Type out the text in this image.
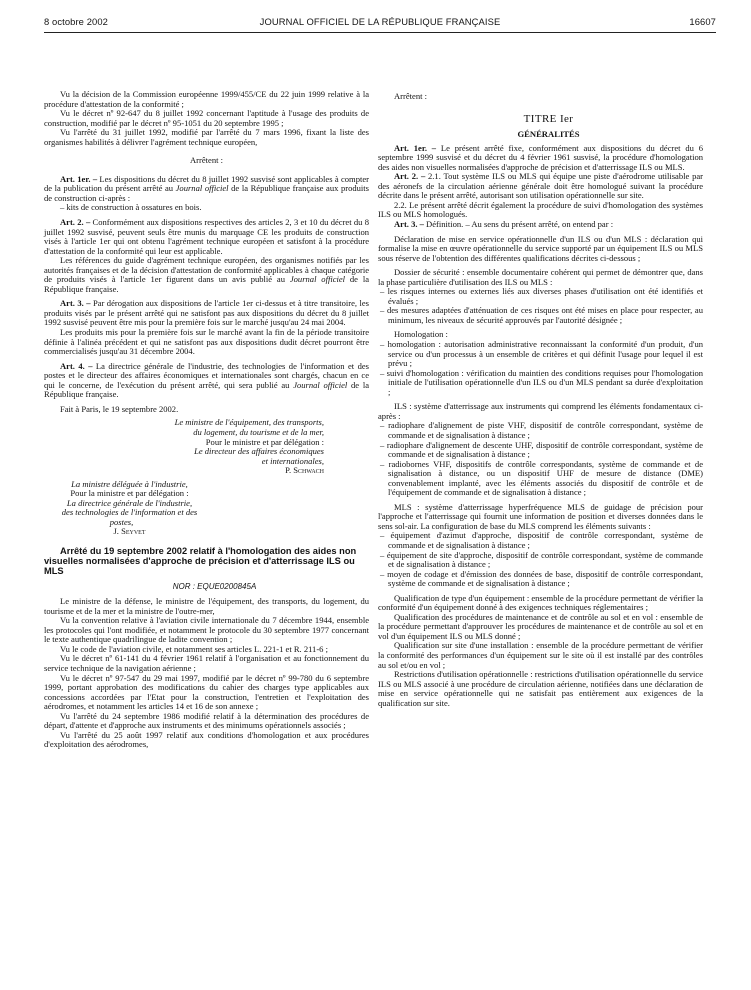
8 octobre 2002	JOURNAL OFFICIEL DE LA RÉPUBLIQUE FRANÇAISE	16607

Vu la décision de la Commission européenne 1999/455/CE du 22 juin 1999 relative à la procédure d'attestation de la conformité ;

Vu le décret nº 92-647 du 8 juillet 1992 concernant l'aptitude à l'usage des produits de construction, modifié par le décret nº 95-1051 du 20 septembre 1995 ;

Vu l'arrêté du 31 juillet 1992, modifié par l'arrêté du 7 mars 1996, fixant la liste des organismes habilités à délivrer l'agrément technique européen,

Arrêtent :

Art. 1er. – Les dispositions du décret du 8 juillet 1992 susvisé sont applicables à compter de la publication du présent arrêté au Journal officiel de la République française aux produits de construction ci-après :

– kits de construction à ossatures en bois.

Art. 2. – Conformément aux dispositions respectives des articles 2, 3 et 10 du décret du 8 juillet 1992 susvisé, peuvent seuls être munis du marquage CE les produits de construction visés à l'article 1er qui ont obtenu l'agrément technique européen et satisfont à la procédure d'attestation de la conformité qui leur est applicable.

Les références du guide d'agrément technique européen, des organismes notifiés par les autorités françaises et de la décision d'attestation de conformité applicables à chaque catégorie de produits visés à l'article 1er figurent dans un avis publié au Journal officiel de la République française.

Art. 3. – Par dérogation aux dispositions de l'article 1er ci-dessus et à titre transitoire, les produits visés par le présent arrêté qui ne satisfont pas aux dispositions du décret du 8 juillet 1992 susvisé peuvent être mis pour la première fois sur le marché jusqu'au 24 mai 2004.

Les produits mis pour la première fois sur le marché avant la fin de la période transitoire définie à l'alinéa précédent et qui ne satisfont pas aux dispositions dudit décret pourront être commercialisés jusqu'au 31 décembre 2004.

Art. 4. – La directrice générale de l'industrie, des technologies de l'information et des postes et le directeur des affaires économiques et internationales sont chargés, chacun en ce qui le concerne, de l'exécution du présent arrêté, qui sera publié au Journal officiel de la République française.

Fait à Paris, le 19 septembre 2002.

Le ministre de l'équipement, des transports,

du logement, du tourisme et de la mer,

Pour le ministre et par délégation :

Le directeur des affaires économiques

et internationales,

P. Schwach

La ministre déléguée à l'industrie,

Pour la ministre et par délégation :

La directrice générale de l'industrie,

des technologies de l'information et des postes,

J. Seyvet

Arrêté du 19 septembre 2002 relatif à l'homologation des aides non visuelles normalisées d'approche de précision et d'atterrissage ILS ou MLS

NOR : EQUE0200845A

Le ministre de la défense, le ministre de l'équipement, des transports, du logement, du tourisme et de la mer et la ministre de l'outre-mer,

Vu la convention relative à l'aviation civile internationale du 7 décembre 1944, ensemble les protocoles qui l'ont modifiée, et notamment le protocole du 30 septembre 1977 concernant le texte authentique quadrilingue de ladite convention ;

Vu le code de l'aviation civile, et notamment ses articles L. 221-1 et R. 211-6 ;

Vu le décret nº 61-141 du 4 février 1961 relatif à l'organisation et au fonctionnement du service technique de la navigation aérienne ;

Vu le décret nº 97-547 du 29 mai 1997, modifié par le décret nº 99-780 du 6 septembre 1999, portant approbation des modifications du cahier des charges type applicables aux concessions accordées par l'Etat pour la construction, l'entretien et l'exploitation des aérodromes, et notamment les articles 14 et 16 de son annexe ;

Vu l'arrêté du 24 septembre 1986 modifié relatif à la détermination des procédures de départ, d'attente et d'approche aux instruments et des minimums opérationnels associés ;

Vu l'arrêté du 25 août 1997 relatif aux conditions d'homologation et aux procédures d'exploitation des aérodromes,

Arrêtent :

TITRE Ier

GÉNÉRALITÉS

Art. 1er. – Le présent arrêté fixe, conformément aux dispositions du décret du 6 septembre 1999 susvisé et du décret du 4 février 1961 susvisé, la procédure d'homologation des aides non visuelles normalisées d'approche de précision et d'atterrissage ILS ou MLS.

Art. 2. – 2.1. Tout système ILS ou MLS qui équipe une piste d'aérodrome utilisable par des aéronefs de la circulation aérienne générale doit être homologué suivant la procédure décrite dans le présent arrêté, autorisant son utilisation opérationnelle sur site.

2.2. Le présent arrêté décrit également la procédure de suivi d'homologation des systèmes ILS ou MLS homologués.

Art. 3. – Définition. – Au sens du présent arrêté, on entend par :

Déclaration de mise en service opérationnelle d'un ILS ou d'un MLS : déclaration qui formalise la mise en œuvre opérationnelle du service supporté par un équipement ILS ou MLS sous réserve de l'obtention des différentes qualifications décrites ci-dessous ;

Dossier de sécurité : ensemble documentaire cohérent qui permet de démontrer que, dans la phase particulière d'utilisation des ILS ou MLS :

– les risques internes ou externes liés aux diverses phases d'utilisation ont été identifiés et évalués ;

– des mesures adaptées d'atténuation de ces risques ont été mises en place pour respecter, au minimum, les niveaux de sécurité approuvés par l'autorité désignée ;

Homologation :

– homologation : autorisation administrative reconnaissant la conformité d'un produit, d'un service ou d'un processus à un ensemble de critères et qui définit l'usage pour lequel il est prévu ;

– suivi d'homologation : vérification du maintien des conditions requises pour l'homologation initiale de l'utilisation opérationnelle d'un ILS ou d'un MLS pendant sa durée d'exploitation ;

ILS : système d'atterrissage aux instruments qui comprend les éléments fondamentaux ci-après :

– radiophare d'alignement de piste VHF, dispositif de contrôle correspondant, système de commande et de signalisation à distance ;

– radiophare d'alignement de descente UHF, dispositif de contrôle correspondant, système de commande et de signalisation à distance ;

– radiobornes VHF, dispositifs de contrôle correspondants, système de commande et de signalisation à distance, ou un dispositif UHF de mesure de distance (DME) convenablement implanté, avec les éléments associés du dispositif de contrôle et de l'équipement de commande et de signalisation à distance ;

MLS : système d'atterrissage hyperfréquence MLS de guidage de précision pour l'approche et l'atterrissage qui fournit une information de position et diverses données dans le sens sol-air. La configuration de base du MLS comprend les éléments suivants :

– équipement d'azimut d'approche, dispositif de contrôle correspondant, système de commande et de signalisation à distance ;

– équipement de site d'approche, dispositif de contrôle correspondant, système de commande et de signalisation à distance ;

– moyen de codage et d'émission des données de base, dispositif de contrôle correspondant, système de commande et de signalisation à distance ;

Qualification de type d'un équipement : ensemble de la procédure permettant de vérifier la conformité d'un équipement donné à des exigences techniques réglementaires ;

Qualification des procédures de maintenance et de contrôle au sol et en vol : ensemble de la procédure permettant d'approuver les procédures de maintenance et de contrôle au sol et en vol d'un équipement ILS ou MLS donné ;

Qualification sur site d'une installation : ensemble de la procédure permettant de vérifier la conformité des performances d'un équipement sur le site où il est installé par des contrôles au sol et/ou en vol ;

Restrictions d'utilisation opérationnelle : restrictions d'utilisation opérationnelle du service ILS ou MLS associé à une procédure de circulation aérienne, notifiées dans une déclaration de mise en service opérationnelle qui ne satisfait pas entièrement aux exigences de la qualification sur site.
